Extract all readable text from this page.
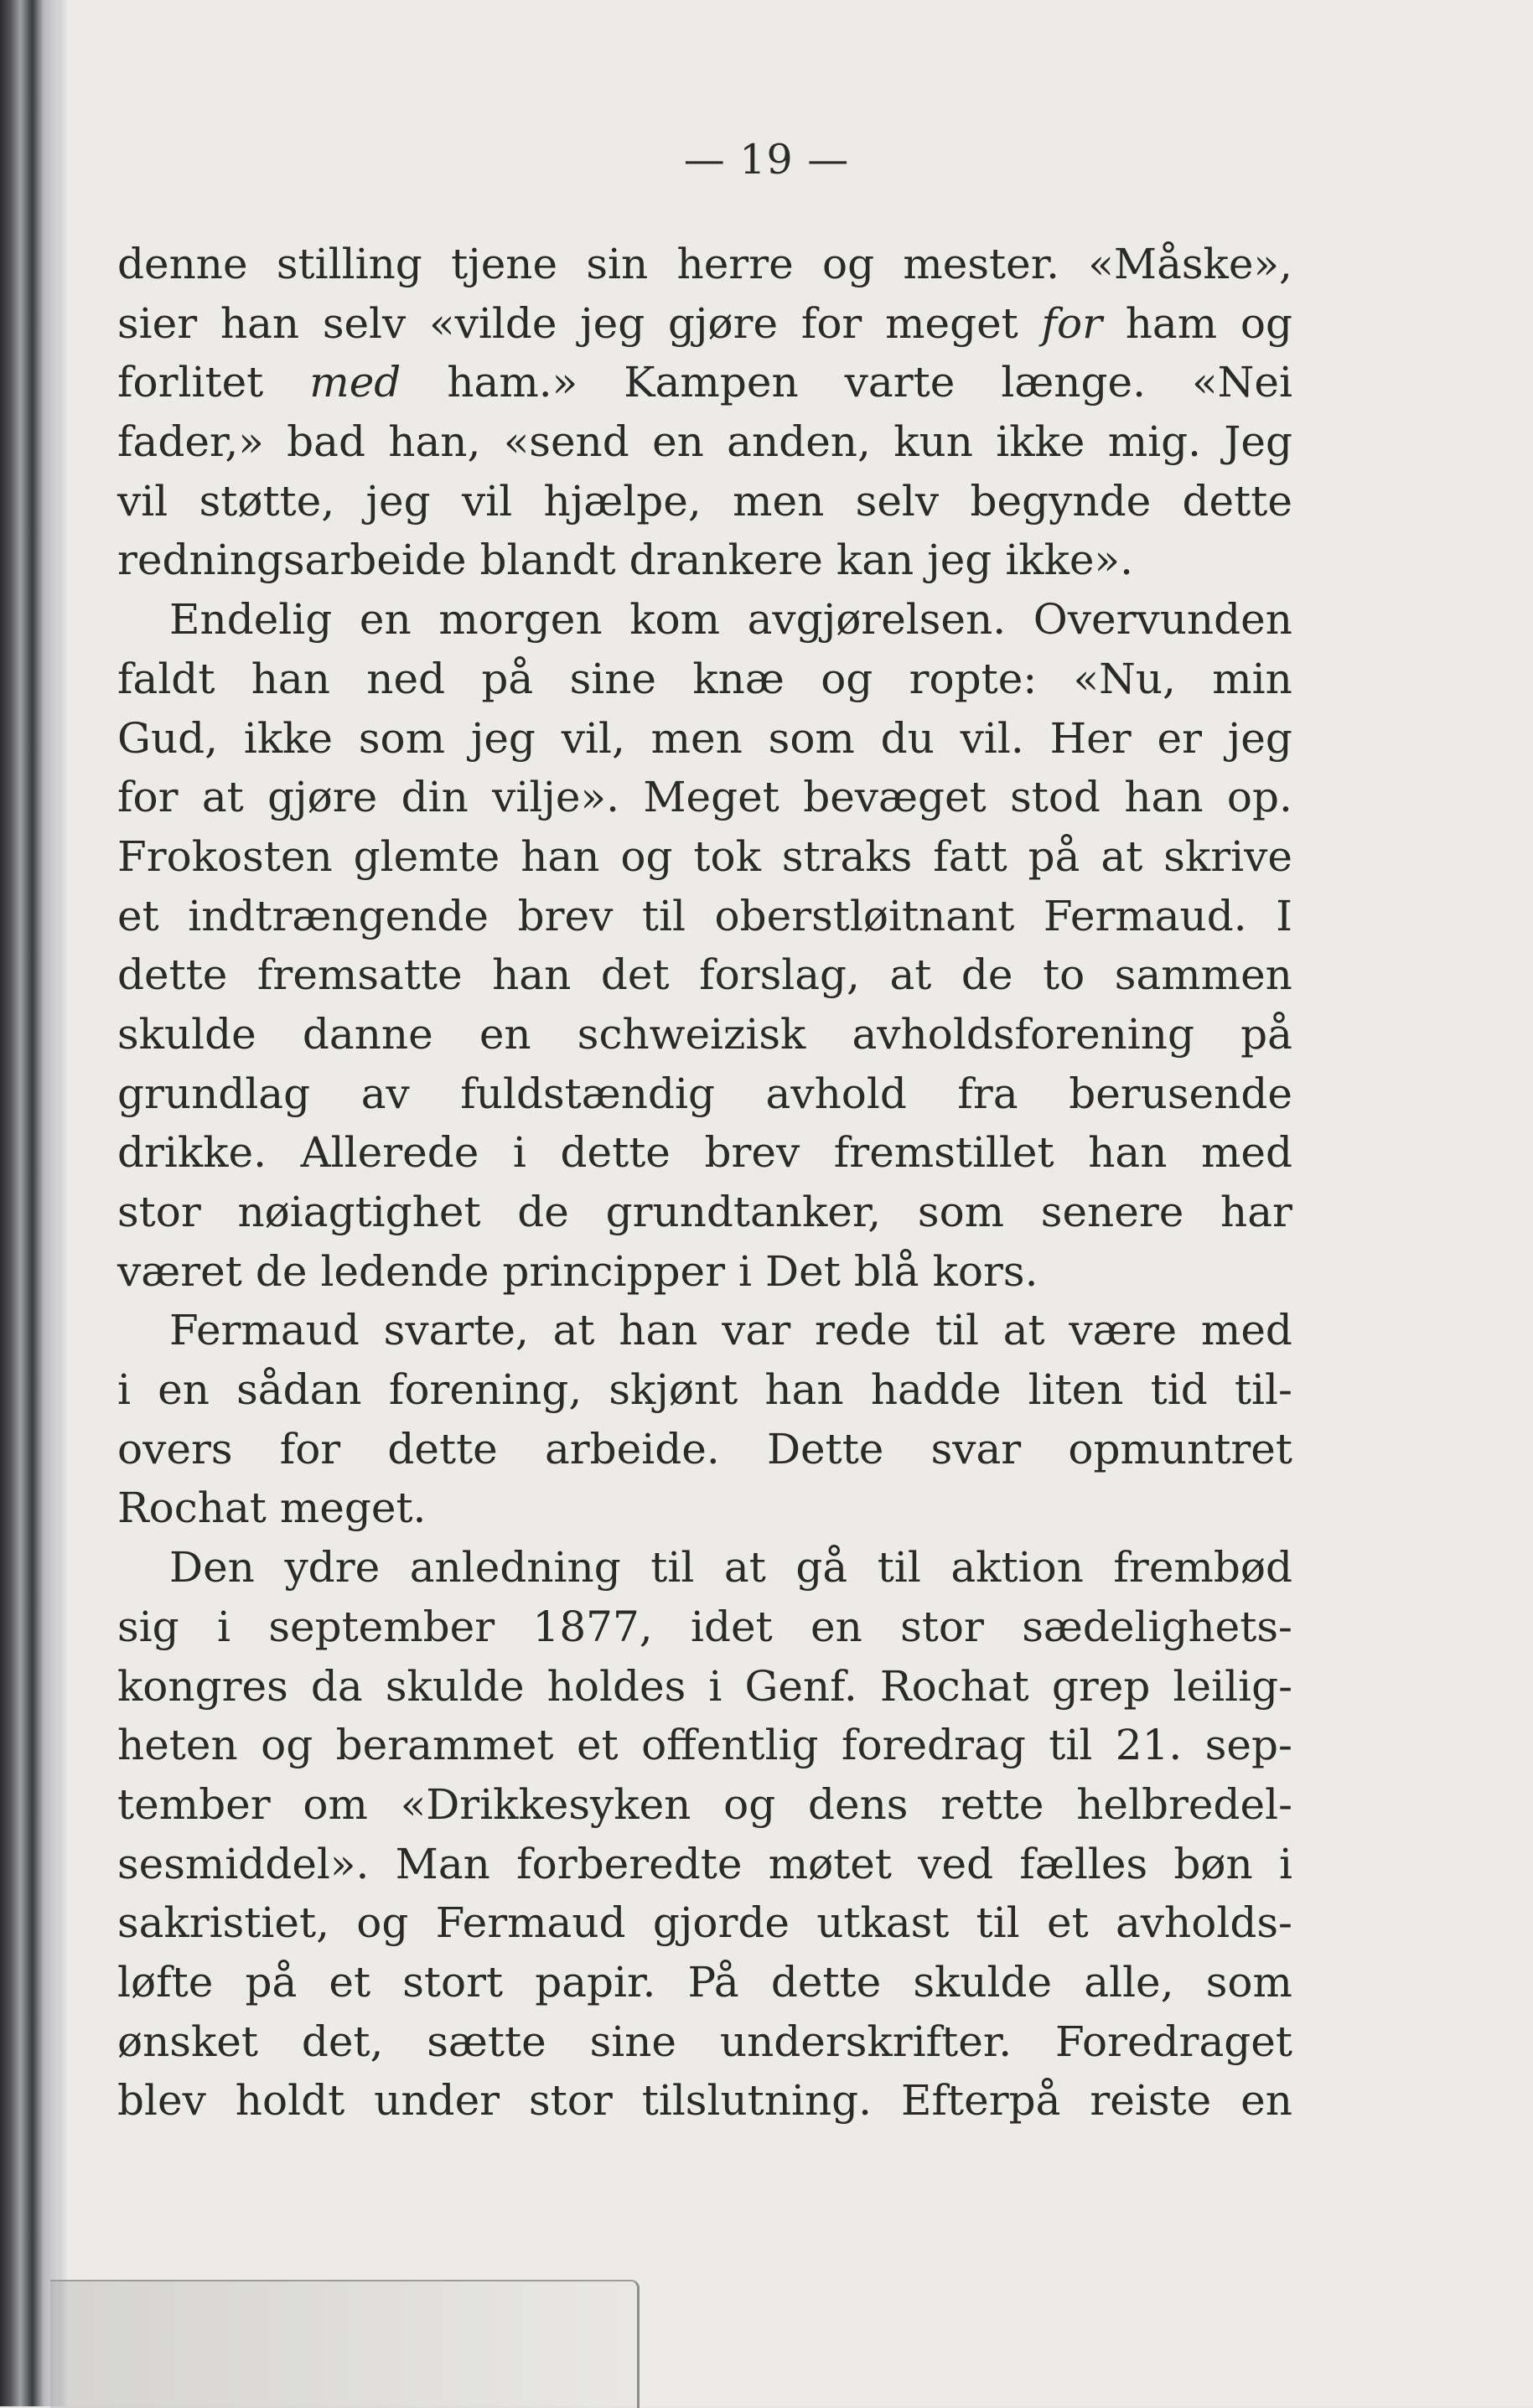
— 19 —
denne stilling tjene sin herre og mester. «Måske»,
sier han selv «vilde jeg gjøre for meget for ham og
forlitet med ham.» Kampen varte længe. «Nei
fader,» bad han, «send en anden, kun ikke mig. Jeg
vil støtte, jeg vil hjælpe, men selv begynde dette
redningsarbeide blandt drankere kan jeg ikke».
Endelig en morgen kom avgjørelsen. Overvunden
faldt han ned på sine knæ og ropte: «Nu, min
Gud, ikke som jeg vil, men som du vil. Her er jeg
for at gjøre din vilje». Meget bevæget stod han op.
Frokosten glemte han og tok straks fatt på at skrive
et indtrængende brev til oberstløitnant Fermaud. I
dette fremsatte han det forslag, at de to sammen
skulde danne en schweizisk avholdsforening på
grundlag av fuldstændig avhold fra berusende
drikke. Allerede i dette brev fremstillet han med
stor nøiagtighet de grundtanker, som senere har
været de ledende principper i Det blå kors.
Fermaud svarte, at han var rede til at være med
i en sådan forening, skjønt han hadde liten tid til-
overs for dette arbeide. Dette svar opmuntret
Rochat meget.
Den ydre anledning til at gå til aktion frembød
sig i september 1877, idet en stor sædelighets-
kongres da skulde holdes i Genf. Rochat grep leilig-
heten og berammet et offentlig foredrag til 21. sep-
tember om «Drikkesyken og dens rette helbredel-
sesmiddel». Man forberedte møtet ved fælles bøn i
sakristiet, og Fermaud gjorde utkast til et avholds-
løfte på et stort papir. På dette skulde alle, som
ønsket det, sætte sine underskrifter. Foredraget
blev holdt under stor tilslutning. Efterpå reiste en
